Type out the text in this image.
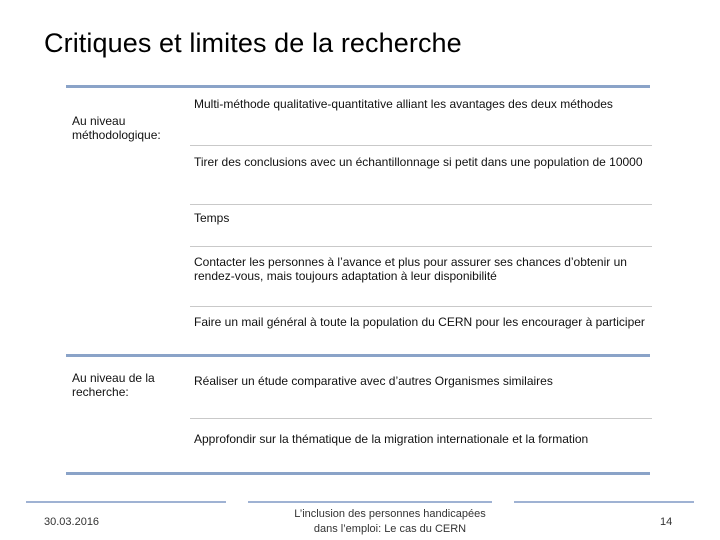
Critiques et limites de la recherche
Au niveau méthodologique:
Multi-méthode qualitative-quantitative alliant les avantages des deux méthodes
Tirer des conclusions avec un échantillonnage si petit dans une population de 10000
Temps
Contacter les personnes à l’avance et plus pour assurer ses chances d’obtenir un rendez-vous, mais toujours adaptation à leur disponibilité
Faire un mail général à toute la population du CERN pour les encourager à participer
Au niveau de la recherche:
Réaliser un étude comparative avec d’autres Organismes similaires
Approfondir sur la thématique de la migration internationale et la formation
30.03.2016
L’inclusion des personnes handicapées dans l’emploi: Le cas du CERN
14
